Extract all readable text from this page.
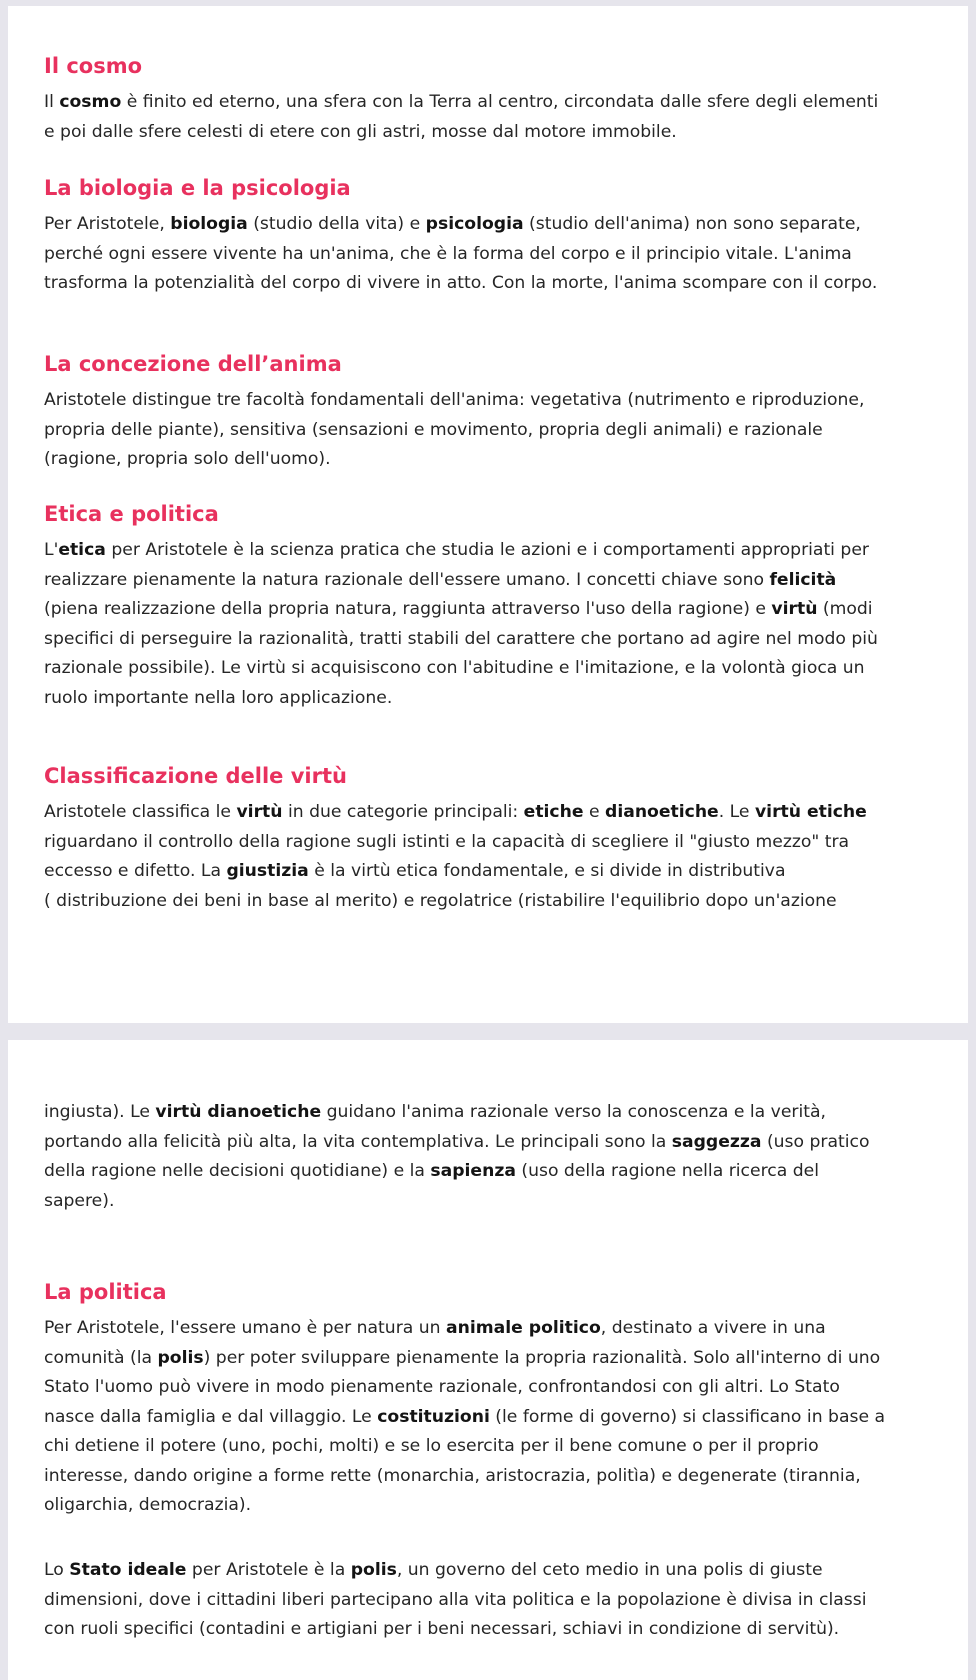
Il cosmo
Il cosmo è finito ed eterno, una sfera con la Terra al centro, circondata dalle sfere degli elementi
e poi dalle sfere celesti di etere con gli astri, mosse dal motore immobile.
La biologia e la psicologia
Per Aristotele, biologia (studio della vita) e psicologia (studio dell'anima) non sono separate,
perché ogni essere vivente ha un'anima, che è la forma del corpo e il principio vitale. L'anima
trasforma la potenzialità del corpo di vivere in atto. Con la morte, l'anima scompare con il corpo.
La concezione dell’anima
Aristotele distingue tre facoltà fondamentali dell'anima: vegetativa (nutrimento e riproduzione,
propria delle piante), sensitiva (sensazioni e movimento, propria degli animali) e razionale
(ragione, propria solo dell'uomo).
Etica e politica
L'etica per Aristotele è la scienza pratica che studia le azioni e i comportamenti appropriati per
realizzare pienamente la natura razionale dell'essere umano. I concetti chiave sono felicità
(piena realizzazione della propria natura, raggiunta attraverso l'uso della ragione) e virtù (modi
specifici di perseguire la razionalità, tratti stabili del carattere che portano ad agire nel modo più
razionale possibile). Le virtù si acquisiscono con l'abitudine e l'imitazione, e la volontà gioca un
ruolo importante nella loro applicazione.
Classificazione delle virtù
Aristotele classifica le virtù in due categorie principali: etiche e dianoetiche. Le virtù etiche
riguardano il controllo della ragione sugli istinti e la capacità di scegliere il "giusto mezzo" tra
eccesso e difetto. La giustizia è la virtù etica fondamentale, e si divide in distributiva
( distribuzione dei beni in base al merito) e regolatrice (ristabilire l'equilibrio dopo un'azione
ingiusta). Le virtù dianoetiche guidano l'anima razionale verso la conoscenza e la verità,
portando alla felicità più alta, la vita contemplativa. Le principali sono la saggezza (uso pratico
della ragione nelle decisioni quotidiane) e la sapienza (uso della ragione nella ricerca del
sapere).
La politica
Per Aristotele, l'essere umano è per natura un animale politico, destinato a vivere in una
comunità (la polis) per poter sviluppare pienamente la propria razionalità. Solo all'interno di uno
Stato l'uomo può vivere in modo pienamente razionale, confrontandosi con gli altri. Lo Stato
nasce dalla famiglia e dal villaggio. Le costituzioni (le forme di governo) si classificano in base a
chi detiene il potere (uno, pochi, molti) e se lo esercita per il bene comune o per il proprio
interesse, dando origine a forme rette (monarchia, aristocrazia, politìa) e degenerate (tirannia,
oligarchia, democrazia).
Lo Stato ideale per Aristotele è la polis, un governo del ceto medio in una polis di giuste
dimensioni, dove i cittadini liberi partecipano alla vita politica e la popolazione è divisa in classi
con ruoli specifici (contadini e artigiani per i beni necessari, schiavi in condizione di servitù).
